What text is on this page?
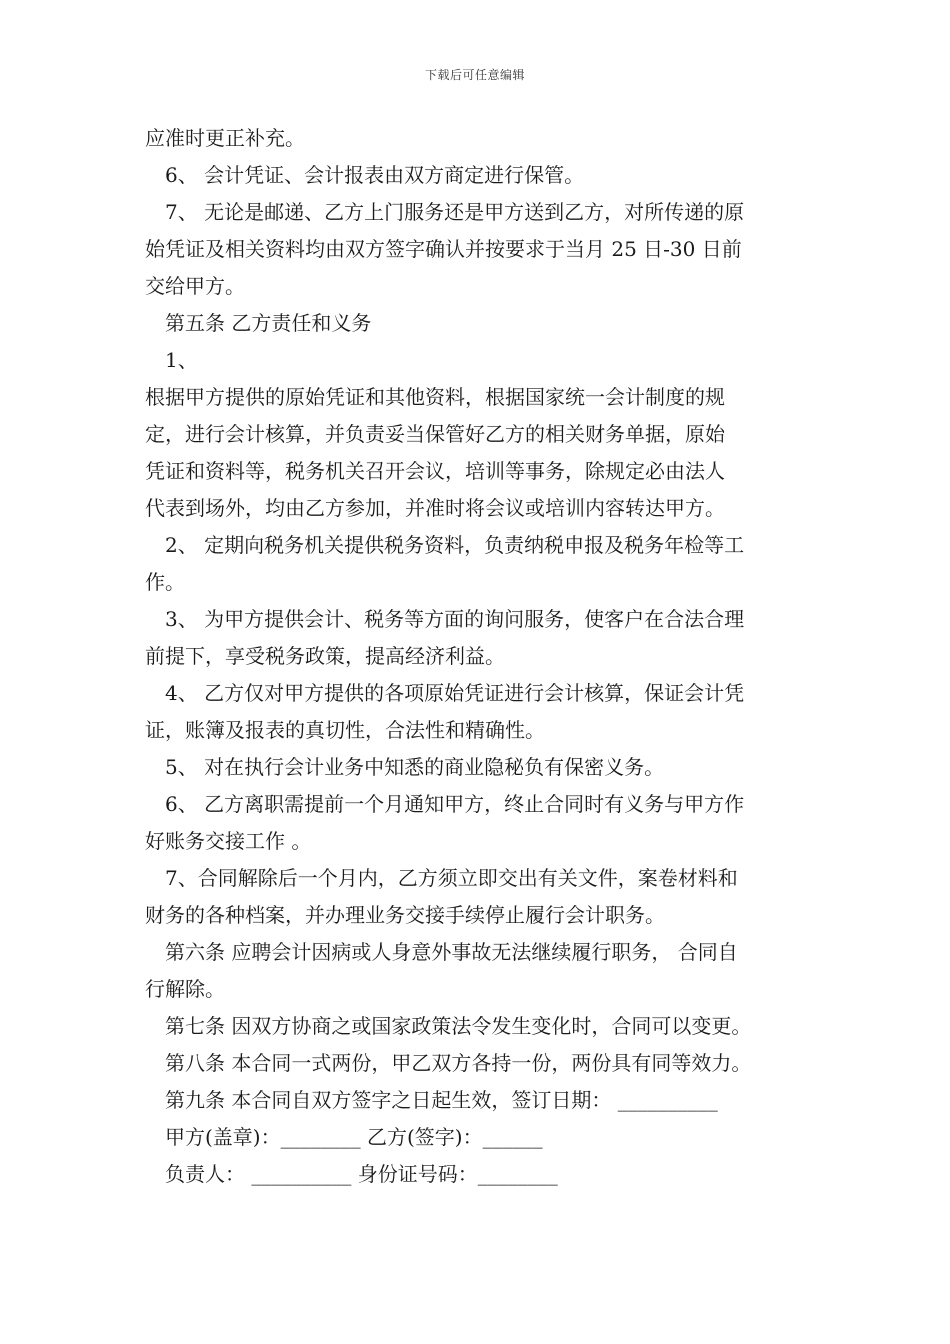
下载后可任意编辑
应准时更正补充。
6、 会计凭证、会计报表由双方商定进行保管。
7、 无论是邮递、乙方上门服务还是甲方送到乙方，对所传递的原
始凭证及相关资料均由双方签字确认并按要求于当月 25 日-30 日前
交给甲方。
第五条 乙方责任和义务
1、
根据甲方提供的原始凭证和其他资料，根据国家统一会计制度的规
定，进行会计核算，并负责妥当保管好乙方的相关财务单据，原始
凭证和资料等，税务机关召开会议，培训等事务，除规定必由法人
代表到场外，均由乙方参加，并准时将会议或培训内容转达甲方。
2、 定期向税务机关提供税务资料，负责纳税申报及税务年检等工
作。
3、 为甲方提供会计、税务等方面的询问服务，使客户在合法合理
前提下，享受税务政策，提高经济利益。
4、 乙方仅对甲方提供的各项原始凭证进行会计核算，保证会计凭
证，账簿及报表的真切性，合法性和精确性。
5、 对在执行会计业务中知悉的商业隐秘负有保密义务。
6、 乙方离职需提前一个月通知甲方，终止合同时有义务与甲方作
好账务交接工作 。
7、合同解除后一个月内，乙方须立即交出有关文件，案卷材料和
财务的各种档案，并办理业务交接手续停止履行会计职务。
第六条 应聘会计因病或人身意外事故无法继续履行职务， 合同自
行解除。
第七条 因双方协商之或国家政策法令发生变化时，合同可以变更。
第八条 本合同一式两份，甲乙双方各持一份，两份具有同等效力。
第九条 本合同自双方签字之日起生效，签订日期： __________
甲方(盖章)：________ 乙方(签字)：______
负责人： __________ 身份证号码：________
